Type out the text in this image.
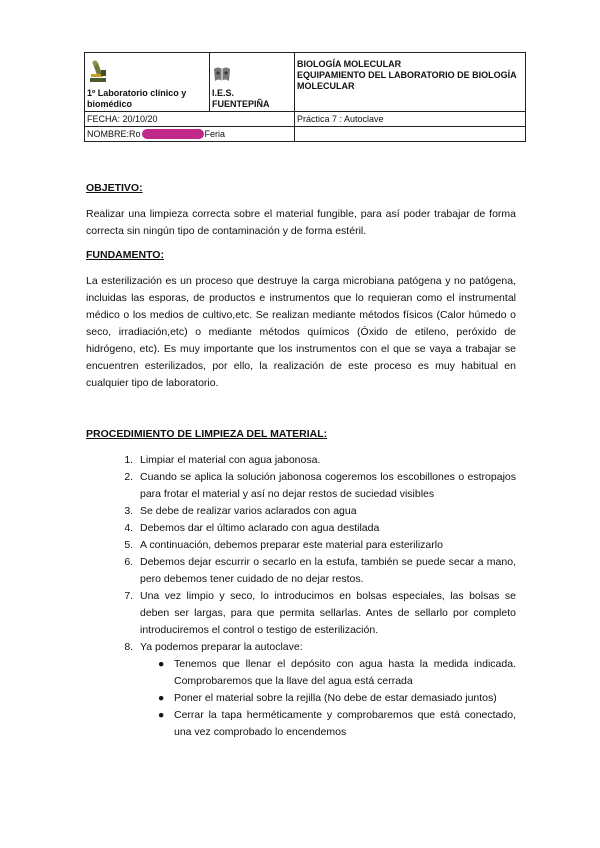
1º Laboratorio clínico y biomédico	I.E.S. FUENTEPIÑA	BIOLOGÍA MOLECULAR
EQUIPAMIENTO DEL LABORATORIO DE BIOLOGÍA MOLECULAR

FECHA: 20/10/20		Práctica 7 : Autoclave
NOMBRE:Ro Feria		

OBJETIVO:

Realizar una limpieza correcta sobre el material fungible, para así poder trabajar de forma correcta sin ningún tipo de contaminación y de forma estéril.

FUNDAMENTO:

La esterilización es un proceso que destruye la carga microbiana patógena y no patógena, incluidas las esporas, de productos e instrumentos que lo requieran como el instrumental médico o los medios de cultivo,etc. Se realizan mediante métodos físicos (Calor húmedo o seco, irradiación,etc) o mediante métodos químicos (Óxido de etileno, peróxido de hidrógeno, etc). Es muy importante que los instrumentos con el que se vaya a trabajar se encuentren esterilizados, por ello, la realización de este proceso es muy habitual en cualquier tipo de laboratorio.

PROCEDIMIENTO DE LIMPIEZA DEL MATERIAL:

1. Limpiar el material con agua jabonosa.
2. Cuando se aplica la solución jabonosa cogeremos los escobillones o estropajos para frotar el material y así no dejar restos de suciedad visibles
3. Se debe de realizar varios aclarados con agua
4. Debemos dar el último aclarado con agua destilada
5. A continuación, debemos preparar este material para esterilizarlo
6. Debemos dejar escurrir o secarlo en la estufa, también se puede secar a mano, pero debemos tener cuidado de no dejar restos.
7. Una vez limpio y seco, lo introducimos en bolsas especiales, las bolsas se deben ser largas, para que permita sellarlas. Antes de sellarlo por completo introduciremos el control o testigo de esterilización.
8. Ya podemos preparar la autoclave:
● Tenemos que llenar el depósito con agua hasta la medida indicada. Comprobaremos que la llave del agua está cerrada
● Poner el material sobre la rejilla (No debe de estar demasiado juntos)
● Cerrar la tapa herméticamente y comprobaremos que está conectado, una vez comprobado lo encendemos
